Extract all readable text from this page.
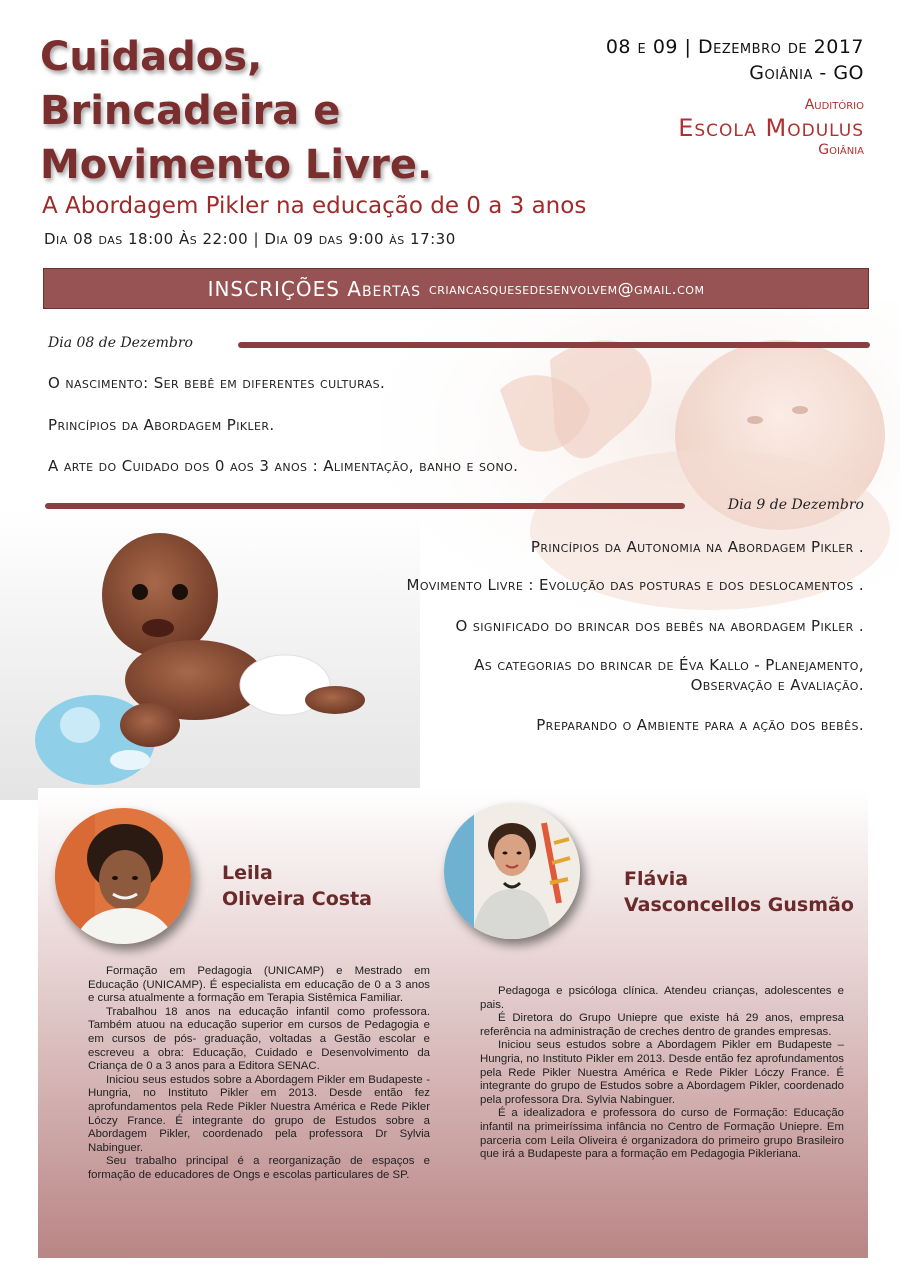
Cuidados,
Brincadeira e
Movimento Livre.
A Abordagem Pikler na educação de 0 a 3 anos
Dia 08 das 18:00 Às 22:00 | Dia 09 das 9:00 às 17:30
08 e 09 | Dezembro de 2017
Goiânia - GO
Auditório
Escola Modulus
Goiânia
INSCRIÇÕES Abertas criancasquesedesenvolvem@gmail.com
Dia 08 de Dezembro
O nascimento: Ser bebê em diferentes culturas.
Princípios da Abordagem Pikler.
A arte do Cuidado dos 0 aos 3 anos : Alimentação, banho e sono.
Dia 9 de Dezembro
Princípios da Autonomia na Abordagem Pikler .
Movimento Livre : Evolução das posturas e dos deslocamentos .
O significado do brincar dos bebês na abordagem Pikler .
As categorias do brincar de Éva Kallo - Planejamento,
Observação e Avaliação.
Preparando o Ambiente para a ação dos bebês.
Leila
Oliveira Costa
Flávia
Vasconcellos Gusmão

Formação em Pedagogia (UNICAMP) e Mestrado em Educação (UNICAMP). É especialista em educação de 0 a 3 anos e cursa atualmente a formação em Terapia Sistêmica Familiar.

Trabalhou 18 anos na educação infantil como professora. Também atuou na educação superior em cursos de Pedagogia e em cursos de pós- graduação, voltadas a Gestão escolar e escreveu a obra: Educação, Cuidado e Desenvolvimento da Criança de 0 a 3 anos para a Editora SENAC.

Iniciou seus estudos sobre a Abordagem Pikler em Budapeste - Hungria, no Instituto Pikler em 2013. Desde então fez aprofundamentos pela Rede Pikler Nuestra América e Rede Pikler Lóczy France. É integrante do grupo de Estudos sobre a Abordagem Pikler, coordenado pela professora Dr Sylvia Nabinguer.

Seu trabalho principal é a reorganização de espaços e formação de educadores de Ongs e escolas particulares de SP.

Pedagoga e psicóloga clínica. Atendeu crianças, adolescentes e pais.

É Diretora do Grupo Uniepre que existe há 29 anos, empresa referência na administração de creches dentro de grandes empresas.

Iniciou seus estudos sobre a Abordagem Pikler em Budapeste – Hungria, no Instituto Pikler em 2013. Desde então fez aprofundamentos pela Rede Pikler Nuestra América e Rede Pikler Lóczy France. É integrante do grupo de Estudos sobre a Abordagem Pikler, coordenado pela professora Dra. Sylvia Nabinguer.

É a idealizadora e professora do curso de Formação: Educação infantil na primeiríssima infância no Centro de Formação Uniepre. Em parceria com Leila Oliveira é organizadora do primeiro grupo Brasileiro que irá a Budapeste para a formação em Pedagogia Pikleriana.
